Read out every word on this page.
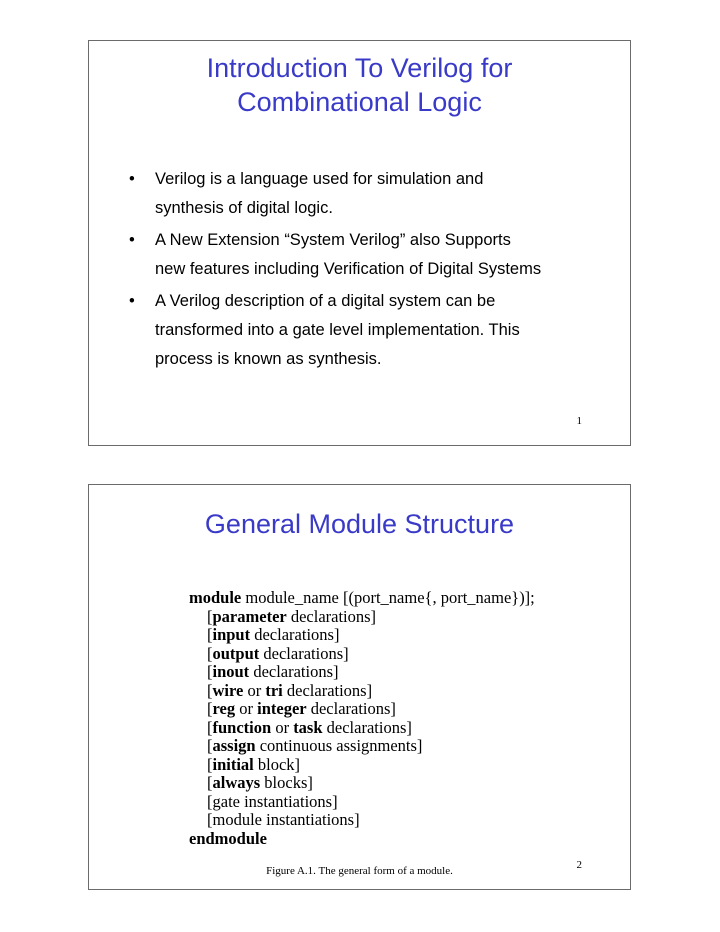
Introduction To Verilog for
Combinational Logic
• Verilog is a language used for simulation and
synthesis of digital logic.
• A New Extension “System Verilog” also Supports
new features including Verification of Digital Systems
• A Verilog description of a digital system can be
transformed into a gate level implementation. This
process is known as synthesis.
1
General Module Structure
module module_name [(port_name{, port_name})];
[parameter declarations]
[input declarations]
[output declarations]
[inout declarations]
[wire or tri declarations]
[reg or integer declarations]
[function or task declarations]
[assign continuous assignments]
[initial block]
[always blocks]
[gate instantiations]
[module instantiations]
endmodule
2
Figure A.1. The general form of a module.
